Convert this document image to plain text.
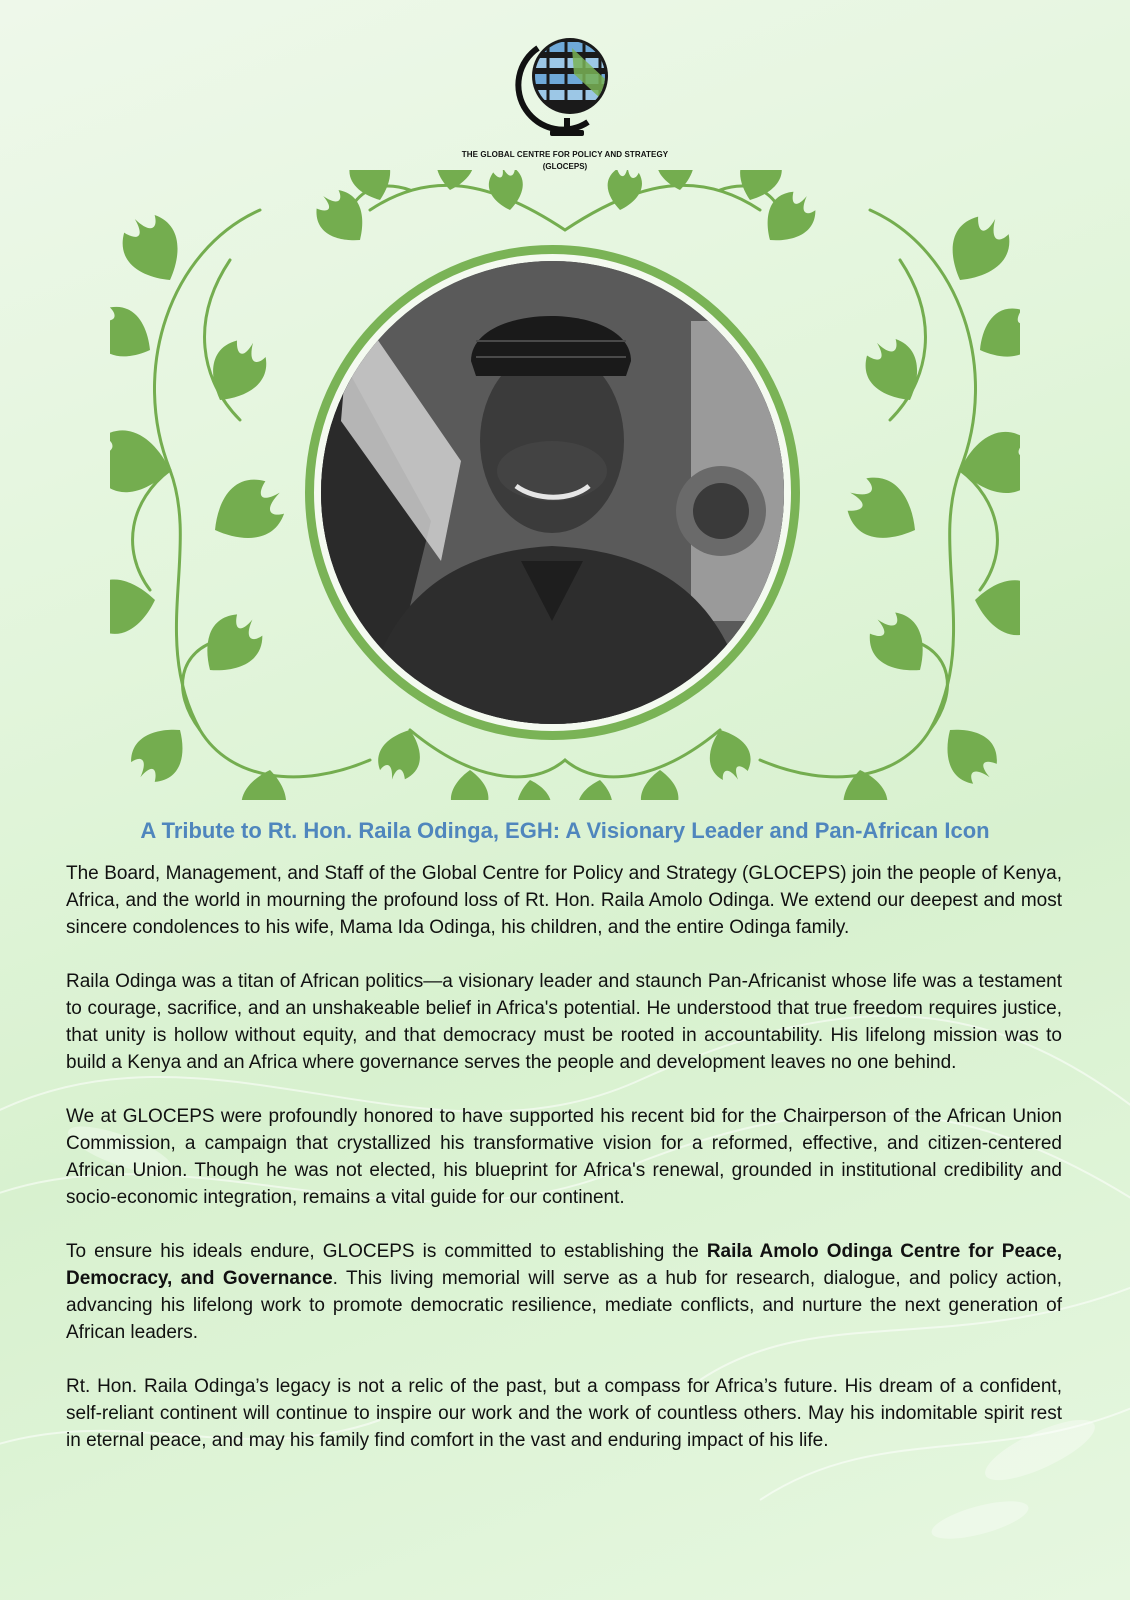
THE GLOBAL CENTRE FOR POLICY AND STRATEGY
(GLOCEPS)
A Tribute to Rt. Hon. Raila Odinga, EGH: A Visionary Leader and Pan-African Icon

The Board, Management, and Staff of the Global Centre for Policy and Strategy (GLOCEPS) join the people of Kenya, Africa, and the world in mourning the profound loss of Rt. Hon. Raila Amolo Odinga. We extend our deepest and most sincere condolences to his wife, Mama Ida Odinga, his children, and the entire Odinga family.

Raila Odinga was a titan of African politics—a visionary leader and staunch Pan-Africanist whose life was a testament to courage, sacrifice, and an unshakeable belief in Africa's potential. He understood that true freedom requires justice, that unity is hollow without equity, and that democracy must be rooted in accountability. His lifelong mission was to build a Kenya and an Africa where governance serves the people and development leaves no one behind.

We at GLOCEPS were profoundly honored to have supported his recent bid for the Chairperson of the African Union Commission, a campaign that crystallized his transformative vision for a reformed, effective, and citizen-centered African Union. Though he was not elected, his blueprint for Africa's renewal, grounded in institutional credibility and socio-economic integration, remains a vital guide for our continent.

To ensure his ideals endure, GLOCEPS is committed to establishing the Raila Amolo Odinga Centre for Peace, Democracy, and Governance. This living memorial will serve as a hub for research, dialogue, and policy action, advancing his lifelong work to promote democratic resilience, mediate conflicts, and nurture the next generation of African leaders.

Rt. Hon. Raila Odinga’s legacy is not a relic of the past, but a compass for Africa’s future. His dream of a confident, self-reliant continent will continue to inspire our work and the work of countless others. May his indomitable spirit rest in eternal peace, and may his family find comfort in the vast and enduring impact of his life.
